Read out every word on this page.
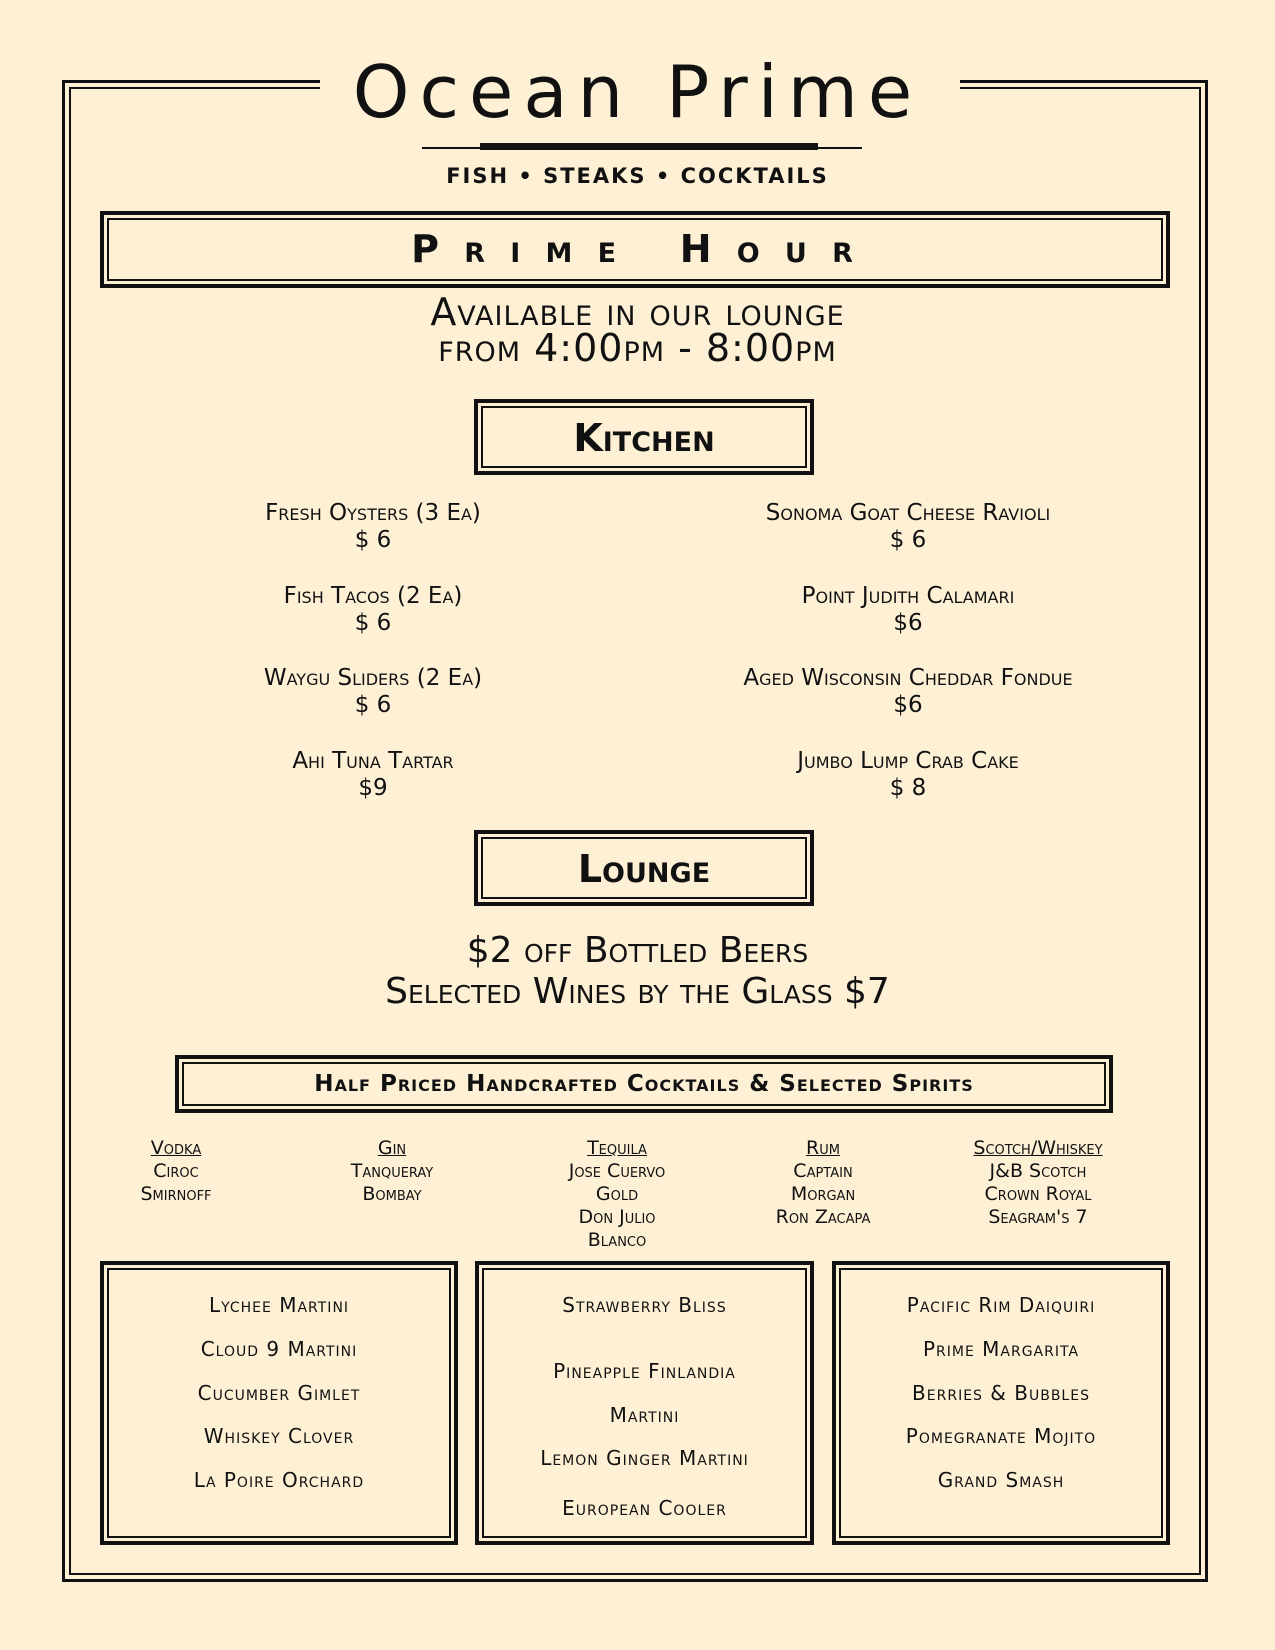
Ocean Prime
FISH • STEAKS • COCKTAILS
P r i m e   H o u r
Available in our lounge
from 4:00pm - 8:00pm
Kitchen
Fresh Oysters (3 Ea)
$ 6
Fish Tacos (2 Ea)
$ 6
Waygu Sliders (2 Ea)
$ 6
Ahi Tuna Tartar
$9
Sonoma Goat Cheese Ravioli
$ 6
Point Judith Calamari
$6
Aged Wisconsin Cheddar Fondue
$6
Jumbo Lump Crab Cake
$ 8
Lounge
$2 off Bottled Beers
Selected Wines by the Glass $7
Half Priced Handcrafted Cocktails & Selected Spirits
Vodka
Ciroc
Smirnoff
Gin
Tanqueray
Bombay
Tequila
Jose Cuervo
Gold
Don Julio
Blanco
Rum
Captain
Morgan
Ron Zacapa
Scotch/Whiskey
J&B Scotch
Crown Royal
Seagram's 7
Lychee Martini
Cloud 9 Martini
Cucumber Gimlet
Whiskey Clover
La Poire Orchard
Strawberry Bliss
Pineapple Finlandia
Martini
Lemon Ginger Martini
European Cooler
Pacific Rim Daiquiri
Prime Margarita
Berries & Bubbles
Pomegranate Mojito
Grand Smash
